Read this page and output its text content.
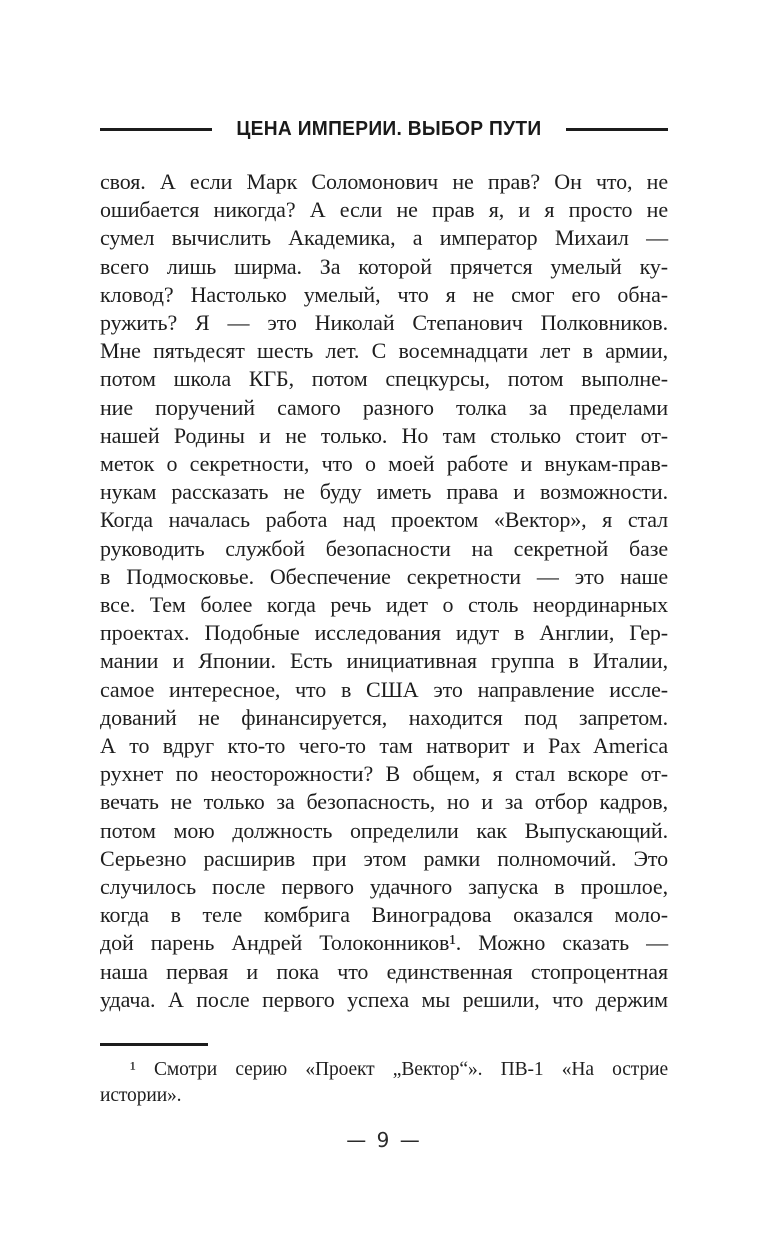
ЦЕНА ИМПЕРИИ. ВЫБОР ПУТИ
своя. А если Марк Соломонович не прав? Он что, не
ошибается никогда? А если не прав я, и я просто не
сумел вычислить Академика, а император Михаил —
всего лишь ширма. За которой прячется умелый ку-
кловод? Настолько умелый, что я не смог его обна-
ружить? Я — это Николай Степанович Полковников.
Мне пятьдесят шесть лет. С восемнадцати лет в армии,
потом школа КГБ, потом спецкурсы, потом выполне-
ние поручений самого разного толка за пределами
нашей Родины и не только. Но там столько стоит от-
меток о секретности, что о моей работе и внукам-прав-
нукам рассказать не буду иметь права и возможности.
Когда началась работа над проектом «Вектор», я стал
руководить службой безопасности на секретной базе
в Подмосковье. Обеспечение секретности — это наше
все. Тем более когда речь идет о столь неординарных
проектах. Подобные исследования идут в Англии, Гер-
мании и Японии. Есть инициативная группа в Италии,
самое интересное, что в США это направление иссле-
дований не финансируется, находится под запретом.
А то вдруг кто-то чего-то там натворит и Pax America
рухнет по неосторожности? В общем, я стал вскоре от-
вечать не только за безопасность, но и за отбор кадров,
потом мою должность определили как Выпускающий.
Серьезно расширив при этом рамки полномочий. Это
случилось после первого удачного запуска в прошлое,
когда в теле комбрига Виноградова оказался моло-
дой парень Андрей Толоконников¹. Можно сказать —
наша первая и пока что единственная стопроцентная
удача. А после первого успеха мы решили, что держим
¹ Смотри серию «Проект „Вектор“». ПВ-1 «На острие
истории».
— 9 —
